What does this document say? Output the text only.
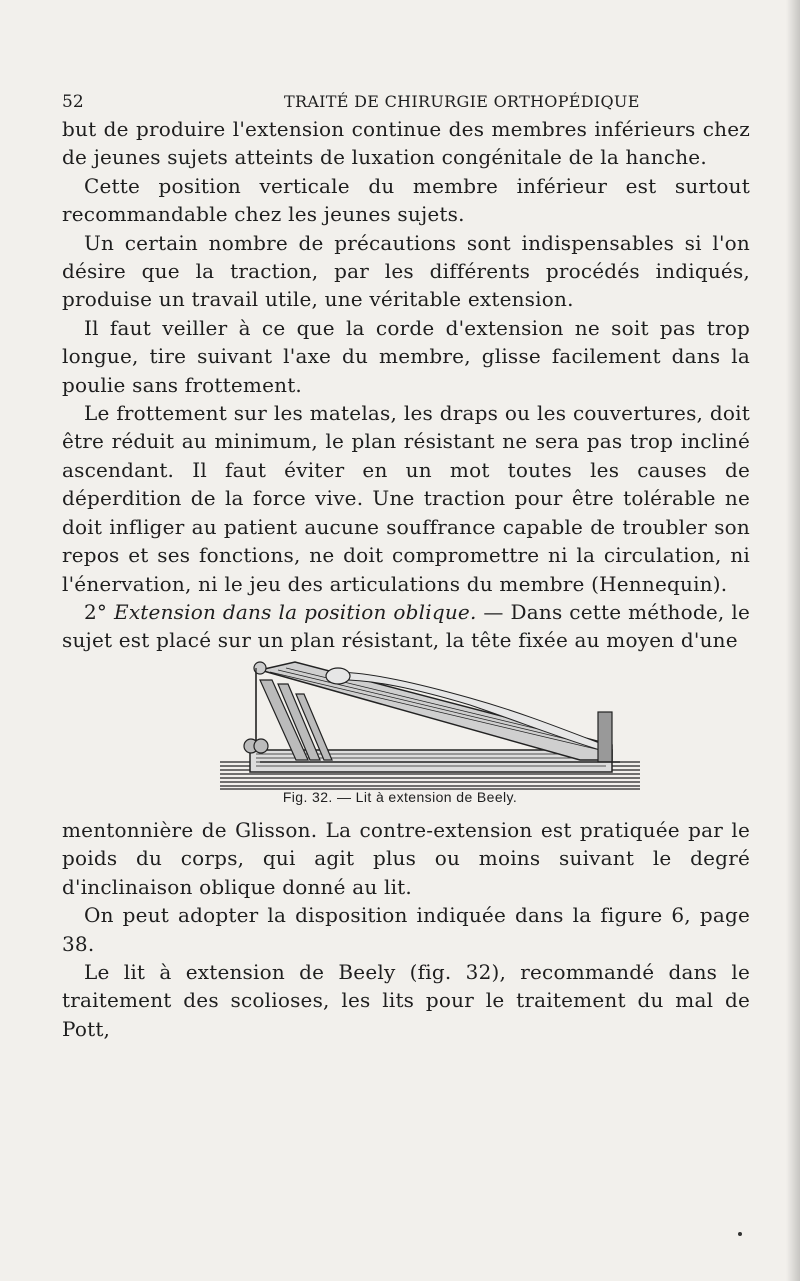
52	TRAITÉ DE CHIRURGIE ORTHOPÉDIQUE

but de produire l'extension continue des membres inférieurs chez de jeunes sujets atteints de luxation congénitale de la hanche.

Cette position verticale du membre inférieur est surtout recommandable chez les jeunes sujets.

Un certain nombre de précautions sont indispensables si l'on désire que la traction, par les différents procédés indiqués, produise un travail utile, une véritable extension.

Il faut veiller à ce que la corde d'extension ne soit pas trop longue, tire suivant l'axe du membre, glisse facilement dans la poulie sans frottement.

Le frottement sur les matelas, les draps ou les couvertures, doit être réduit au minimum, le plan résistant ne sera pas trop incliné ascendant. Il faut éviter en un mot toutes les causes de déperdition de la force vive. Une traction pour être tolérable ne doit infliger au patient aucune souffrance capable de troubler son repos et ses fonctions, ne doit compromettre ni la circulation, ni l'énervation, ni le jeu des articulations du membre (Hennequin).

2° Extension dans la position oblique. — Dans cette méthode, le sujet est placé sur un plan résistant, la tête fixée au moyen d'une

Fig. 32. — Lit à extension de Beely.

mentonnière de Glisson. La contre-extension est pratiquée par le poids du corps, qui agit plus ou moins suivant le degré d'inclinaison oblique donné au lit.

On peut adopter la disposition indiquée dans la figure 6, page 38.

Le lit à extension de Beely (fig. 32), recommandé dans le traitement des scolioses, les lits pour le traitement du mal de Pott,
